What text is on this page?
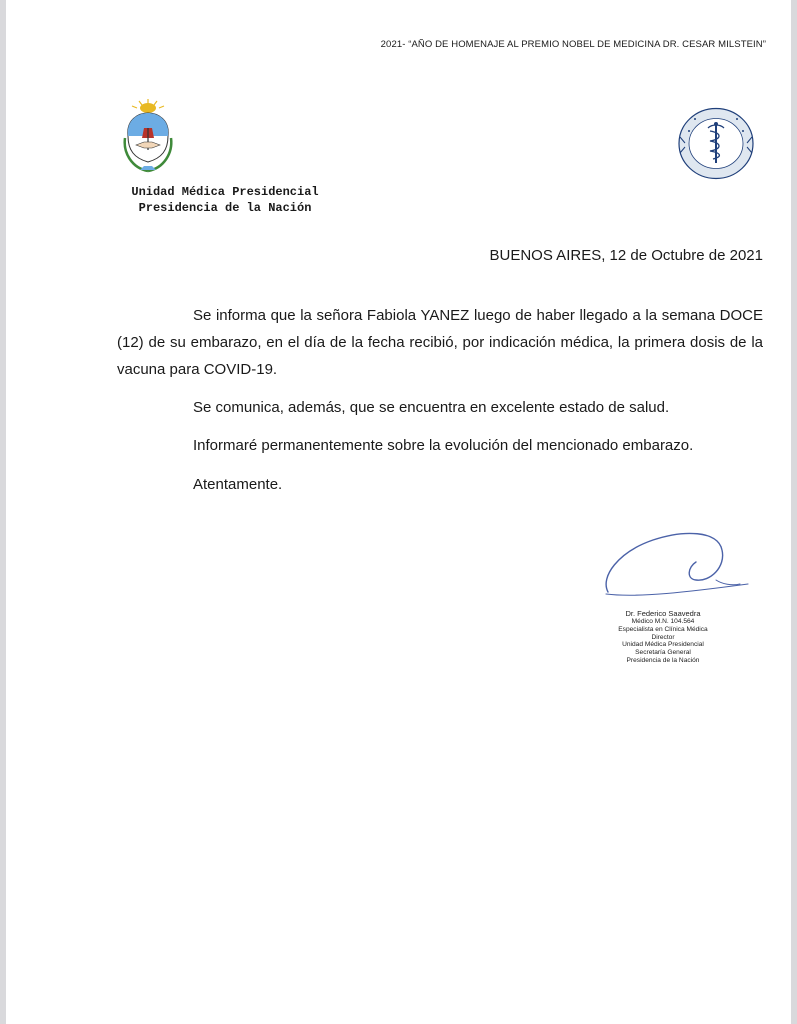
2021- “AÑO DE HOMENAJE AL PREMIO NOBEL DE MEDICINA DR. CESAR MILSTEIN”
Unidad Médica Presidencial
Presidencia de la Nación
BUENOS AIRES, 12 de Octubre de 2021
Se informa que la señora Fabiola YANEZ luego de haber llegado a la semana DOCE (12) de su embarazo, en el día de la fecha recibió, por indicación médica, la primera dosis de la vacuna para COVID-19.
Se comunica, además, que se encuentra en excelente estado de salud.
Informaré permanentemente sobre la evolución del mencionado embarazo.
Atentamente.
Dr. Federico Saavedra
Médico M.N. 104.564
Especialista en Clínica Médica
Director
Unidad Médica Presidencial
Secretaría General
Presidencia de la Nación
